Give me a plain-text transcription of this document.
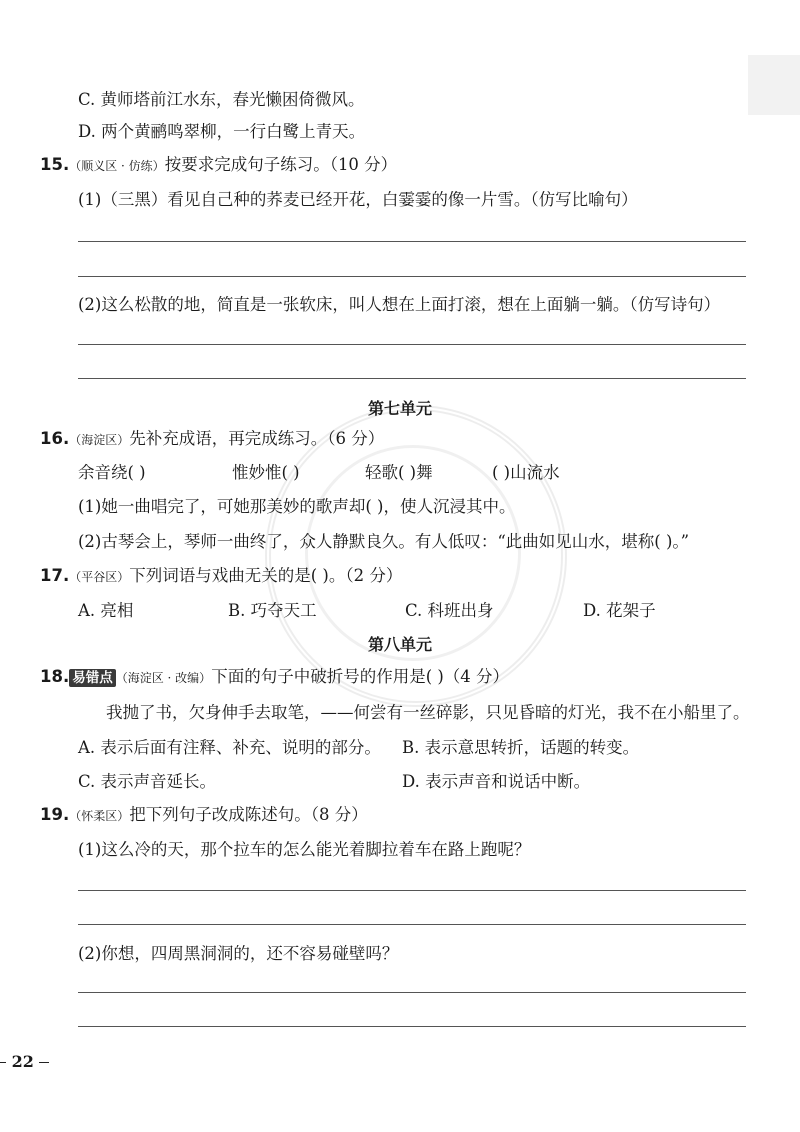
C. 黄师塔前江水东，春光懒困倚微风。
D. 两个黄鹂鸣翠柳，一行白鹭上青天。
15.（顺义区 · 仿练）按要求完成句子练习。（10 分）
(1)（三黑）看见自己种的荞麦已经开花，白霎霎的像一片雪。（仿写比喻句）
(2)这么松散的地，简直是一张软床，叫人想在上面打滚，想在上面躺一躺。（仿写诗句）
第七单元
16.（海淀区）先补充成语，再完成练习。（6 分）
余音绕( )	惟妙惟( )	轻歌( )舞	( )山流水
(1)她一曲唱完了，可她那美妙的歌声却( )，使人沉浸其中。
(2)古琴会上，琴师一曲终了，众人静默良久。有人低叹：“此曲如见山水，堪称( )。”
17.（平谷区）下列词语与戏曲无关的是( )。（2 分）
A. 亮相	B. 巧夺天工	C. 科班出身	D. 花架子
第八单元
18. 易错点 （海淀区 · 改编）下面的句子中破折号的作用是( )（4 分）
我抛了书，欠身伸手去取笔，——何尝有一丝碎影，只见昏暗的灯光，我不在小船里了。
A. 表示后面有注释、补充、说明的部分。 B. 表示意思转折，话题的转变。
C. 表示声音延长。	D. 表示声音和说话中断。
19.（怀柔区）把下列句子改成陈述句。（8 分）
(1)这么冷的天，那个拉车的怎么能光着脚拉着车在路上跑呢？
(2)你想，四周黑洞洞的，还不容易碰壁吗？
22
